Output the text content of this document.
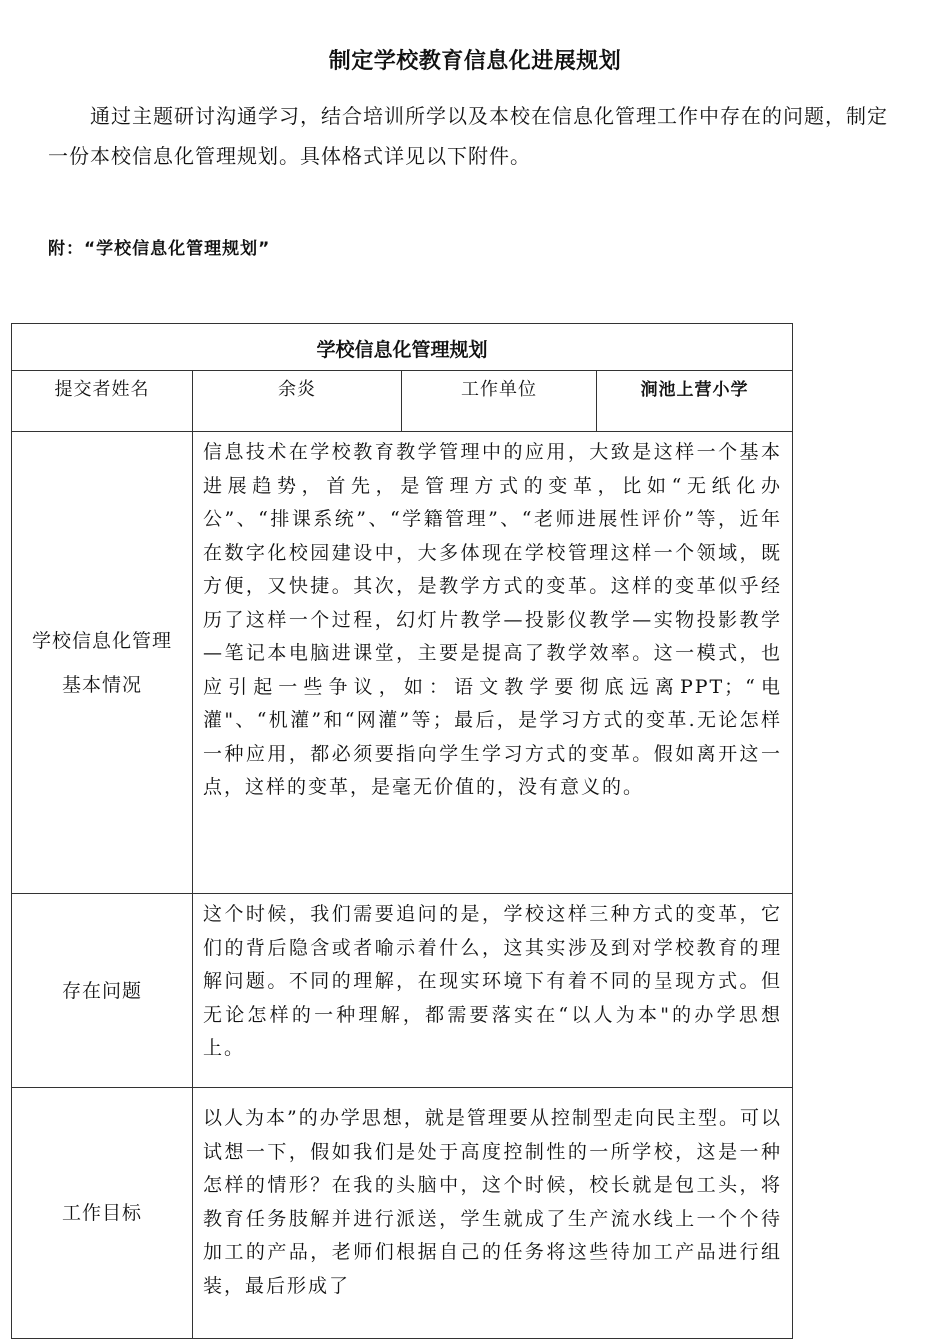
制定学校教育信息化进展规划

通过主题研讨沟通学习，结合培训所学以及本校在信息化管理工作中存在的问题，制定一份本校信息化管理规划。具体格式详见以下附件。

附：“学校信息化管理规划”
学校信息化管理规划			

提交者姓名	余炎	工作单位	涧池上营小学

学校信息化管理
基本情况	信息技术在学校教育教学管理中的应用，大致是这样一个基本进展趋势，首先，是管理方式的变革，比如“无纸化办公”、“排课系统”、“学籍管理”、“老师进展性评价”等，近年在数字化校园建设中，大多体现在学校管理这样一个领域，既方便，又快捷。其次，是教学方式的变革。这样的变革似乎经历了这样一个过程，幻灯片教学—投影仪教学—实物投影教学—笔记本电脑进课堂，主要是提高了教学效率。这一模式，也应引起一些争议，如：语文教学要彻底远离PPT；“电灌"、“机灌”和“网灌”等；最后，是学习方式的变革.无论怎样一种应用，都必须要指向学生学习方式的变革。假如离开这一点，这样的变革，是毫无价值的，没有意义的。		
存在问题	这个时候，我们需要追问的是，学校这样三种方式的变革，它们的背后隐含或者喻示着什么，这其实涉及到对学校教育的理解问题。不同的理解，在现实环境下有着不同的呈现方式。但无论怎样的一种理解，都需要落实在“以人为本"的办学思想上。		
工作目标	以人为本”的办学思想，就是管理要从控制型走向民主型。可以试想一下，假如我们是处于高度控制性的一所学校，这是一种怎样的情形？在我的头脑中，这个时候，校长就是包工头，将教育任务肢解并进行派送，学生就成了生产流水线上一个个待加工的产品，老师们根据自己的任务将这些待加工产品进行组装，最后形成了		
